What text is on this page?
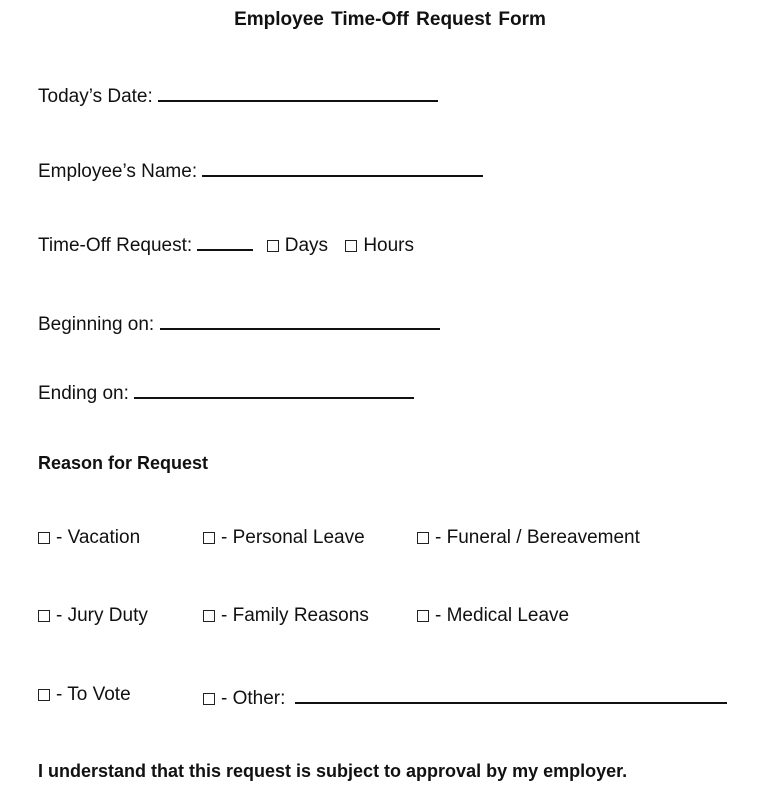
Employee Time-Off Request Form
Today’s Date:
Employee’s Name:
Time-Off Request:	Days Hours
Beginning on:
Ending on:
Reason for Request
- Vacation	- Personal Leave	- Funeral / Bereavement
- Jury Duty	- Family Reasons	- Medical Leave
- To Vote	- Other:
I understand that this request is subject to approval by my employer.
